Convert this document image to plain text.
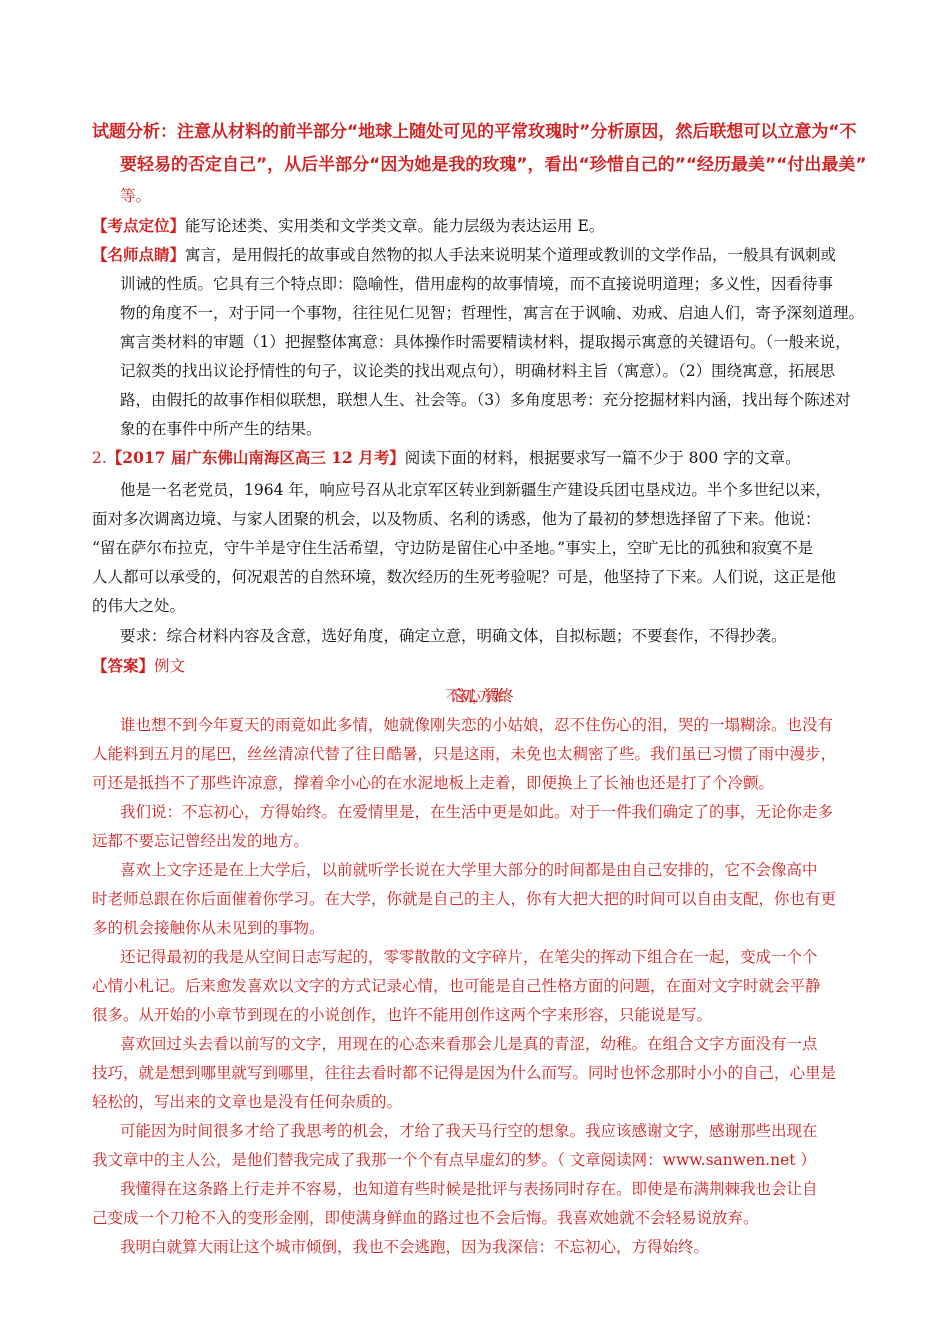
试题分析：注意从材料的前半部分“地球上随处可见的平常玫瑰时”分析原因，然后联想可以立意为“不
要轻易的否定自己”，从后半部分“因为她是我的玫瑰”，看出“珍惜自己的”“经历最美”“付出最美”
等。
【考点定位】能写论述类、实用类和文学类文章。能力层级为表达运用 E。
【名师点睛】寓言，是用假托的故事或自然物的拟人手法来说明某个道理或教训的文学作品，一般具有讽刺或
训诫的性质。它具有三个特点即：隐喻性，借用虚构的故事情境，而不直接说明道理；多义性，因看待事
物的角度不一，对于同一个事物，往往见仁见智；哲理性，寓言在于讽喻、劝戒、启迪人们，寄予深刻道理。
寓言类材料的审题（1）把握整体寓意：具体操作时需要精读材料，提取揭示寓意的关键语句。（一般来说，
记叙类的找出议论抒情性的句子，议论类的找出观点句），明确材料主旨（寓意）。（2）围绕寓意，拓展思
路，由假托的故事作相似联想，联想人生、社会等。（3）多角度思考：充分挖掘材料内涵，找出每个陈述对
象的在事件中所产生的结果。
2.【2017 届广东佛山南海区高三 12 月考】阅读下面的材料，根据要求写一篇不少于 800 字的文章。
他是一名老党员，1964 年，响应号召从北京军区转业到新疆生产建设兵团屯垦戍边。半个多世纪以来，
面对多次调离边境、与家人团聚的机会，以及物质、名利的诱惑，他为了最初的梦想选择留了下来。他说：
“留在萨尔布拉克，守牛羊是守住生活希望，守边防是留住心中圣地。”事实上，空旷无比的孤独和寂寞不是
人人都可以承受的，何况艰苦的自然环境，数次经历的生死考验呢？可是，他坚持了下来。人们说，这正是他
的伟大之处。
要求：综合材料内容及含意，选好角度，确定立意，明确文体，自拟标题；不要套作，不得抄袭。
【答案】例文
不忘初心，方得始终
谁也想不到今年夏天的雨竟如此多情，她就像刚失恋的小姑娘，忍不住伤心的泪，哭的一塌糊涂。也没有
人能料到五月的尾巴，丝丝清凉代替了往日酷暑，只是这雨，未免也太稠密了些。我们虽已习惯了雨中漫步，
可还是抵挡不了那些许凉意，撑着伞小心的在水泥地板上走着，即便换上了长袖也还是打了个冷颤。
我们说：不忘初心，方得始终。在爱情里是，在生活中更是如此。对于一件我们确定了的事，无论你走多
远都不要忘记曾经出发的地方。
喜欢上文字还是在上大学后，以前就听学长说在大学里大部分的时间都是由自己安排的，它不会像高中
时老师总跟在你后面催着你学习。在大学，你就是自己的主人，你有大把大把的时间可以自由支配，你也有更
多的机会接触你从未见到的事物。
还记得最初的我是从空间日志写起的，零零散散的文字碎片，在笔尖的挥动下组合在一起，变成一个个
心情小札记。后来愈发喜欢以文字的方式记录心情，也可能是自己性格方面的问题，在面对文字时就会平静
很多。从开始的小章节到现在的小说创作，也许不能用创作这两个字来形容，只能说是写。
喜欢回过头去看以前写的文字，用现在的心态来看那会儿是真的青涩，幼稚。在组合文字方面没有一点
技巧，就是想到哪里就写到哪里，往往去看时都不记得是因为什么而写。同时也怀念那时小小的自己，心里是
轻松的，写出来的文章也是没有任何杂质的。
可能因为时间很多才给了我思考的机会，才给了我天马行空的想象。我应该感谢文字，感谢那些出现在
我文章中的主人公，是他们替我完成了我那一个个有点早虚幻的梦。（ 文章阅读网：www.sanwen.net ）
我懂得在这条路上行走并不容易，也知道有些时候是批评与表扬同时存在。即使是布满荆棘我也会让自
己变成一个刀枪不入的变形金刚，即使满身鲜血的路过也不会后悔。我喜欢她就不会轻易说放弃。
我明白就算大雨让这个城市倾倒，我也不会逃跑，因为我深信：不忘初心，方得始终。
